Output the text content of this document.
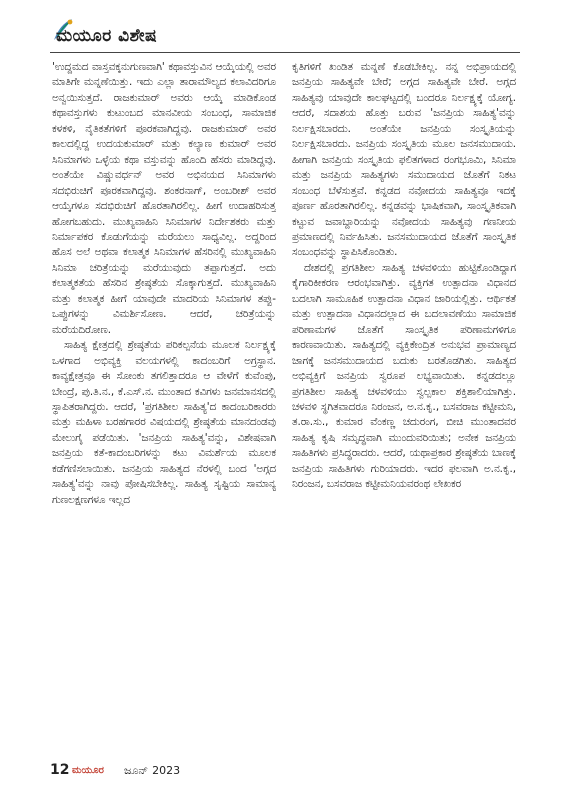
ಮಯೂರ ವಿಶೇಷ

'ಉದ್ದಮದ ವಾಸ್ತವಕ್ಕನುಗುಣವಾಗಿ' ಕಥಾವಸ್ತುವಿನ ಆಯ್ಕೆಯಲ್ಲಿ ಅವರ ಮಾತಿಗೇ ಮನ್ನಣೆಯಿತ್ತು. ಇದು ಎಲ್ಲಾ ತಾರಾಮೌಲ್ಯದ ಕಲಾವಿದರಿಗೂ ಅನ್ವಯಿಸುತ್ತದೆ. ರಾಜಕುಮಾರ್ ಅವರು ಆಯ್ಕೆ ಮಾಡಿಕೊಂಡ ಕಥಾವಸ್ತುಗಳು ಕುಟುಂಬದ ಮಾನವೀಯ ಸಂಬಂಧ, ಸಾಮಾಜಿಕ ಕಳಕಳಿ, ನೈತಿಕತೆಗಳಿಗೆ ಪೂರಕವಾಗಿದ್ದವು. ರಾಜಕುಮಾರ್ ಅವರ ಕಾಲದಲ್ಲಿದ್ದ ಉದಯಕುಮಾರ್ ಮತ್ತು ಕಲ್ಯಾಣ ಕುಮಾರ್ ಅವರ ಸಿನಿಮಾಗಳು ಒಳ್ಳೆಯ ಕಥಾ ವಸ್ತುವನ್ನು ಹೊಂದಿ ಹೆಸರು ಮಾಡಿದ್ದವು. ಅಂತೆಯೇ ವಿಷ್ಣುವರ್ಧನ್ ಅವರ ಅಭಿನಯದ ಸಿನಿಮಾಗಳು ಸದಭಿರುಚಿಗೆ ಪೂರಕವಾಗಿದ್ದವು. ಶಂಕರನಾಗ್, ಅಂಬರೀಶ್ ಅವರ ಆಯ್ಕೆಗಳೂ ಸದಭಿರುಚಿಗೆ ಹೊರತಾಗಿರಲಿಲ್ಲ. ಹೀಗೆ ಉದಾಹರಿಸುತ್ತ ಹೋಗಬಹುದು. ಮುಖ್ಯವಾಹಿನಿ ಸಿನಿಮಾಗಳ ನಿರ್ದೇಶಕರು ಮತ್ತು ನಿರ್ಮಾಪಕರ ಕೊಡುಗೆಯನ್ನು ಮರೆಯಲು ಸಾಧ್ಯವಿಲ್ಲ. ಅದ್ದರಿಂದ ಹೊಸ ಅಲೆ ಅಥವಾ ಕಲಾತ್ಮಕ ಸಿನಿಮಾಗಳ ಹೆಸರಿನಲ್ಲಿ ಮುಖ್ಯವಾಹಿನಿ ಸಿನಿಮಾ ಚರಿತ್ರೆಯನ್ನು ಮರೆಯುವುದು ತಪ್ಪಾಗುತ್ತದೆ. ಅದು ಕಲಾತ್ಮಕತೆಯ ಹೆಸರಿನ ಶ್ರೇಷ್ಠತೆಯ ಸೊಕ್ಕಾಗುತ್ತದೆ. ಮುಖ್ಯವಾಹಿನಿ ಮತ್ತು ಕಲಾತ್ಮಕ ಹೀಗೆ ಯಾವುದೇ ಮಾದರಿಯ ಸಿನಿಮಾಗಳ ತಪ್ಪು-ಒಪ್ಪುಗಳನ್ನು ವಿಮರ್ಶಿಸೋಣ. ಆದರೆ, ಚರಿತ್ರೆಯನ್ನು ಮರೆಯದಿರೋಣ.

ಸಾಹಿತ್ಯ ಕ್ಷೇತ್ರದಲ್ಲಿ ಶ್ರೇಷ್ಠತೆಯ ಪರಿಕಲ್ಪನೆಯ ಮೂಲಕ ನಿರ್ಲಕ್ಷ್ಯಕ್ಕೆ ಒಳಗಾದ ಅಭಿವ್ಯಕ್ತಿ ವಲಯಗಳಲ್ಲಿ ಕಾದಂಬರಿಗೆ ಅಗ್ರಸ್ಥಾನ. ಕಾವ್ಯಕ್ಷೇತ್ರವೂ ಈ ಸೋಂಕು ತಗಲಿತ್ತಾದರೂ ಆ ವೇಳೆಗೆ ಕುವೆಂಪು, ಬೇಂದ್ರೆ, ಪು.ತಿ.ನ., ಕೆ.ಎಸ್.ನ. ಮುಂತಾದ ಕವಿಗಳು ಜನಮಾನಸದಲ್ಲಿ ಸ್ಥಾಪಿತರಾಗಿದ್ದರು. ಆದರೆ, 'ಪ್ರಗತಿಶೀಲ ಸಾಹಿತ್ಯ'ದ ಕಾದಂಬರಿಕಾರರು ಮತ್ತು ಮಹಿಳಾ ಬರಹಗಾರರ ವಿಷಯದಲ್ಲಿ ಶ್ರೇಷ್ಠತೆಯ ಮಾನದಂಡವು ಮೇಲುಗೈ ಪಡೆಯಿತು. 'ಜನಪ್ರಿಯ ಸಾಹಿತ್ಯ'ವನ್ನು, ವಿಶೇಷವಾಗಿ ಜನಪ್ರಿಯ ಕತೆ-ಕಾದಂಬರಿಗಳನ್ನು ಕಟು ವಿಮರ್ಶೆಯ ಮೂಲಕ ಕಡೆಗಣಿಸಲಾಯಿತು. ಜನಪ್ರಿಯ ಸಾಹಿತ್ಯದ ನೆರಳಲ್ಲಿ ಬಂದ 'ಅಗ್ಗದ ಸಾಹಿತ್ಯ'ವನ್ನು ನಾವು ಪೋಷಿಸಬೇಕಿಲ್ಲ. ಸಾಹಿತ್ಯ ಸೃಷ್ಟಿಯ ಸಾಮಾನ್ಯ ಗುಣಲಕ್ಷಣಗಳೂ ಇಲ್ಲದ

ಕೃತಿಗಳಿಗೆ ಖಂಡಿತ ಮನ್ನಣೆ ಕೊಡಬೇಕಿಲ್ಲ. ನನ್ನ ಅಭಿಪ್ರಾಯದಲ್ಲಿ ಜನಪ್ರಿಯ ಸಾಹಿತ್ಯವೇ ಬೇರೆ; ಅಗ್ಗದ ಸಾಹಿತ್ಯವೇ ಬೇರೆ. ಅಗ್ಗದ ಸಾಹಿತ್ಯವು ಯಾವುದೇ ಕಾಲಘಟ್ಟದಲ್ಲಿ ಬಂದರೂ ನಿರ್ಲಕ್ಷ್ಯಕ್ಕೆ ಯೋಗ್ಯ. ಆದರೆ, ಸದಾಶಯ ಹೊತ್ತು ಬರುವ 'ಜನಪ್ರಿಯ ಸಾಹಿತ್ಯ'ವನ್ನು ನಿರ್ಲಕ್ಷಿಸಬಾರದು. ಅಂತೆಯೇ ಜನಪ್ರಿಯ ಸಂಸ್ಕೃತಿಯನ್ನು ನಿರ್ಲಕ್ಷಿಸಬಾರದು. ಜನಪ್ರಿಯ ಸಂಸ್ಕೃತಿಯ ಮೂಲ ಜನಸಮುದಾಯ. ಹೀಗಾಗಿ ಜನಪ್ರಿಯ ಸಂಸ್ಕೃತಿಯ ಫಲಿತಗಳಾದ ರಂಗಭೂಮಿ, ಸಿನಿಮಾ ಮತ್ತು ಜನಪ್ರಿಯ ಸಾಹಿತ್ಯಗಳು ಸಮುದಾಯದ ಜೊತೆಗೆ ನಿಕಟ ಸಂಬಂಧ ಬೆಳೆಸುತ್ತವೆ. ಕನ್ನಡದ ನವೋದಯ ಸಾಹಿತ್ಯವೂ ಇದಕ್ಕೆ ಪೂರ್ಣ ಹೊರತಾಗಿರಲಿಲ್ಲ. ಕನ್ನಡವನ್ನು ಭಾಷಿಕವಾಗಿ, ಸಾಂಸ್ಕೃತಿಕವಾಗಿ ಕಟ್ಟುವ ಜವಾಬ್ದಾರಿಯನ್ನು ನವೋದಯ ಸಾಹಿತ್ಯವು ಗಣನೀಯ ಪ್ರಮಾಣದಲ್ಲಿ ನಿರ್ವಹಿಸಿತು. ಜನಸಮುದಾಯದ ಜೊತೆಗೆ ಸಾಂಸ್ಕೃತಿಕ ಸಂಬಂಧವನ್ನು ಸ್ಥಾಪಿಸಿಕೊಂಡಿತು.

ದೇಶದಲ್ಲಿ ಪ್ರಗತಿಶೀಲ ಸಾಹಿತ್ಯ ಚಳವಳಿಯು ಹುಟ್ಟಿಕೊಂಡಿದ್ದಾಗ ಕೈಗಾರಿಕೀಕರಣ ಆರಂಭವಾಗಿತ್ತು. ವ್ಯಕ್ತಿಗತ ಉತ್ಪಾದನಾ ವಿಧಾನದ ಬದಲಾಗಿ ಸಾಮೂಹಿಕ ಉತ್ಪಾದನಾ ವಿಧಾನ ಜಾರಿಯಲ್ಲಿತ್ತು. ಆರ್ಥಿಕತೆ ಮತ್ತು ಉತ್ಪಾದನಾ ವಿಧಾನದಲ್ಲಾದ ಈ ಬದಲಾವಣೆಯು ಸಾಮಾಜಿಕ ಪರಿಣಾಮಗಳ ಜೊತೆಗೆ ಸಾಂಸ್ಕೃತಿಕ ಪರಿಣಾಮಗಳಿಗೂ ಕಾರಣವಾಯಿತು. ಸಾಹಿತ್ಯದಲ್ಲಿ ವ್ಯಕ್ತಿಕೇಂದ್ರಿತ ಅನುಭವ ಪ್ರಾಮಾಣ್ಯದ ಜಾಗಕ್ಕೆ ಜನಸಮುದಾಯದ ಬದುಕು ಬರತೊಡಗಿತು. ಸಾಹಿತ್ಯದ ಅಭಿವ್ಯಕ್ತಿಗೆ ಜನಪ್ರಿಯ ಸ್ವರೂಪ ಲಭ್ಯವಾಯಿತು. ಕನ್ನಡದಲ್ಲೂ ಪ್ರಗತಿಶೀಲ ಸಾಹಿತ್ಯ ಚಳವಳಿಯು ಸ್ವಲ್ಪಕಾಲ ಶಕ್ತಿಶಾಲಿಯಾಗಿತ್ತು. ಚಳವಳಿ ಸ್ಥಗಿತವಾದರೂ ನಿರಂಜನ, ಅ.ನ.ಕೃ., ಬಸವರಾಜ ಕಟ್ಟೀಮನಿ, ತ.ರಾ.ಸು., ಕುಮಾರ ವೆಂಕಣ್ಣ ಚದುರಂಗ, ಬೀಚಿ ಮುಂತಾದವರ ಸಾಹಿತ್ಯ ಕೃಷಿ ಸಮೃದ್ಧವಾಗಿ ಮುಂದುವರಿಯಿತು; ಅನೇಕ ಜನಪ್ರಿಯ ಸಾಹಿತಿಗಳು ಪ್ರಸಿದ್ಧರಾದರು. ಆದರೆ, ಯಥಾಪ್ರಕಾರ ಶ್ರೇಷ್ಠತೆಯ ಬಾಣಕ್ಕೆ ಜನಪ್ರಿಯ ಸಾಹಿತಿಗಳು ಗುರಿಯಾದರು. ಇದರ ಫಲವಾಗಿ ಅ.ನ.ಕೃ., ನಿರಂಜನ, ಬಸವರಾಜ ಕಟ್ಟೀಮನಿಯವರಂಥ ಲೇಖಕರ

12 ಮಯೂರ ಜೂನ್ 2023
